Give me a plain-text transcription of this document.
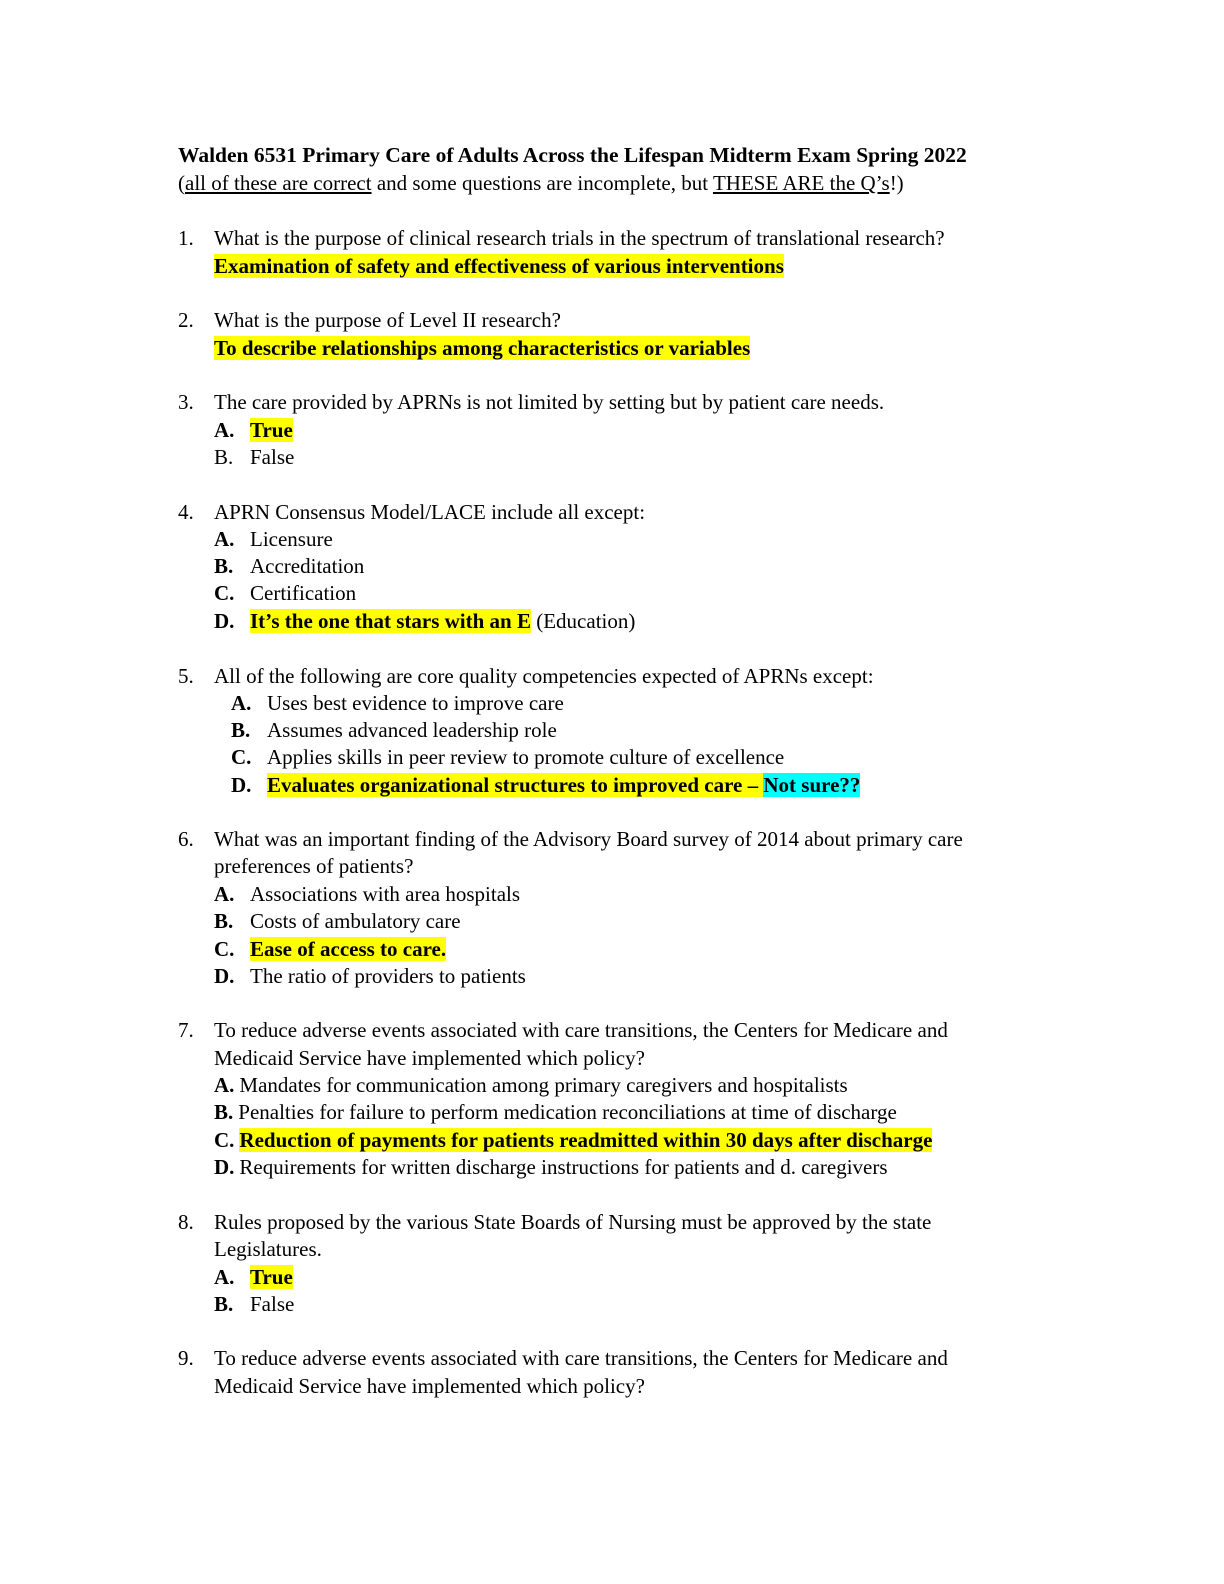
Walden 6531 Primary Care of Adults Across the Lifespan Midterm Exam Spring 2022
(all of these are correct and some questions are incomplete, but THESE ARE the Q’s!)
1. What is the purpose of clinical research trials in the spectrum of translational research?
Examination of safety and effectiveness of various interventions
2. What is the purpose of Level II research?
To describe relationships among characteristics or variables
3. The care provided by APRNs is not limited by setting but by patient care needs.
A. True
B. False
4. APRN Consensus Model/LACE include all except:
A. Licensure
B. Accreditation
C. Certification
D. It’s the one that stars with an E (Education)
5. All of the following are core quality competencies expected of APRNs except:
A. Uses best evidence to improve care
B. Assumes advanced leadership role
C. Applies skills in peer review to promote culture of excellence
D. Evaluates organizational structures to improved care – Not sure??
6. What was an important finding of the Advisory Board survey of 2014 about primary care
preferences of patients?
A. Associations with area hospitals
B. Costs of ambulatory care
C. Ease of access to care.
D. The ratio of providers to patients
7. To reduce adverse events associated with care transitions, the Centers for Medicare and
Medicaid Service have implemented which policy?
A. Mandates for communication among primary caregivers and hospitalists
B. Penalties for failure to perform medication reconciliations at time of discharge
C. Reduction of payments for patients readmitted within 30 days after discharge
D. Requirements for written discharge instructions for patients and d. caregivers
8. Rules proposed by the various State Boards of Nursing must be approved by the state
Legislatures.
A. True
B. False
9. To reduce adverse events associated with care transitions, the Centers for Medicare and
Medicaid Service have implemented which policy?
